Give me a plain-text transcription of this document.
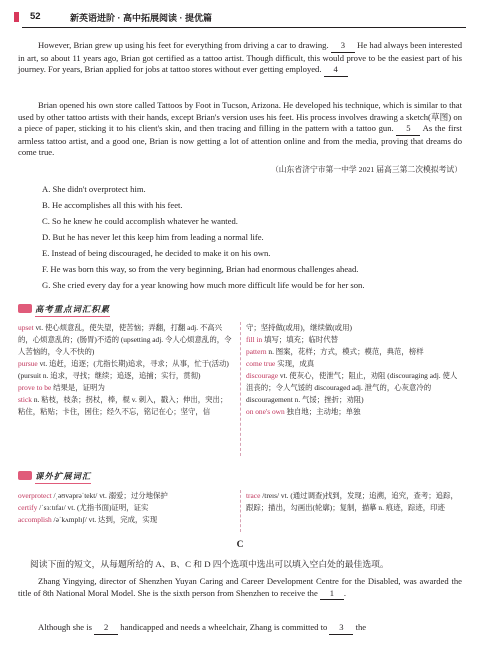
52	新英语进阶 · 高中拓展阅读 · 提优篇
However, Brian grew up using his feet for everything from driving a car to drawing. 3 He had always been interested in art, so about 11 years ago, Brian got certified as a tattoo artist. Though difficult, this would prove to be the easiest part of his journey. For years, Brian applied for jobs at tattoo stores without ever getting employed. 4
Brian opened his own store called Tattoos by Foot in Tucson, Arizona. He developed his technique, which is similar to that used by other tattoo artists with their hands, except Brian's version uses his feet. His process involves drawing a sketch(草图) on a piece of paper, sticking it to his client's skin, and then tracing and filling in the pattern with a tattoo gun. 5 As the first armless tattoo artist, and a good one, Brian is now getting a lot of attention online and from the media, proving that dreams do come true.
（山东省济宁市第一中学 2021 届高三第二次模拟考试）
A. She didn't overprotect him.
B. He accomplishes all this with his feet.
C. So he knew he could accomplish whatever he wanted.
D. But he has never let this keep him from leading a normal life.
E. Instead of being discouraged, he decided to make it on his own.
F. He was born this way, so from the very beginning, Brian had enormous challenges ahead.
G. She cried every day for a year knowing how much more difficult life would be for her son.
高考重点词汇积累
upset vt. 使心烦意乱，使失望，使苦恼；弄翻，打翻 adj. 不高兴的，心烦意乱的；(肠胃)不适的 (upsetting adj. 令人心烦意乱的，令人苦恼的，令人不快的)
pursue vt. 追赶，追逐；(尤指长期)追求，寻求；从事，忙于(活动) (pursuit n. 追求，寻找；继续；追逐，追捕；实行，贯彻)
prove to be 结果是，证明为
stick n. 粘枝，枝条；拐杖，棒，棍 v. 刺入，戳入；伸出，突出；粘住，粘贴；卡住，困住；经久不忘，铭记在心；坚守，信
守；坚持做(或用)，继续做(或用)
fill in 填写；填充；临时代替
pattern n. 图案，花样；方式，模式；模范，典范，榜样
come true 实现，成真
discourage vt. 使灰心，使泄气；阻止，劝阻 (discouraging adj. 使人沮丧的；令人气馁的 discouraged adj. 泄气的，心灰意冷的 discouragement n. 气馁；挫折；劝阻)
on one's own 独自地；主动地；单独
课外扩展词汇
overprotect /ˌəʊvəprəˈtekt/ vt. 溺爱；过分地保护
certify /ˈsɜːtɪfaɪ/ vt. (尤指书面)证明，证实
accomplish /əˈkʌmplɪʃ/ vt. 达到，完成，实现
trace /treɪs/ vt. (通过调查)找到，发现；追溯，追究，查考；追踪，跟踪；描出，勾画出(轮廓)；复制，描摹 n. 痕迹，踪迹，印迹
C
阅读下面的短文，从每题所给的 A、B、C 和 D 四个选项中选出可以填入空白处的最佳选项。
Zhang Yingying, director of Shenzhen Yuyan Caring and Career Development Centre for the Disabled, was awarded the title of 8th National Moral Model. She is the sixth person from Shenzhen to receive the 1 .
Although she is 2 handicapped and needs a wheelchair, Zhang is committed to 3 the
